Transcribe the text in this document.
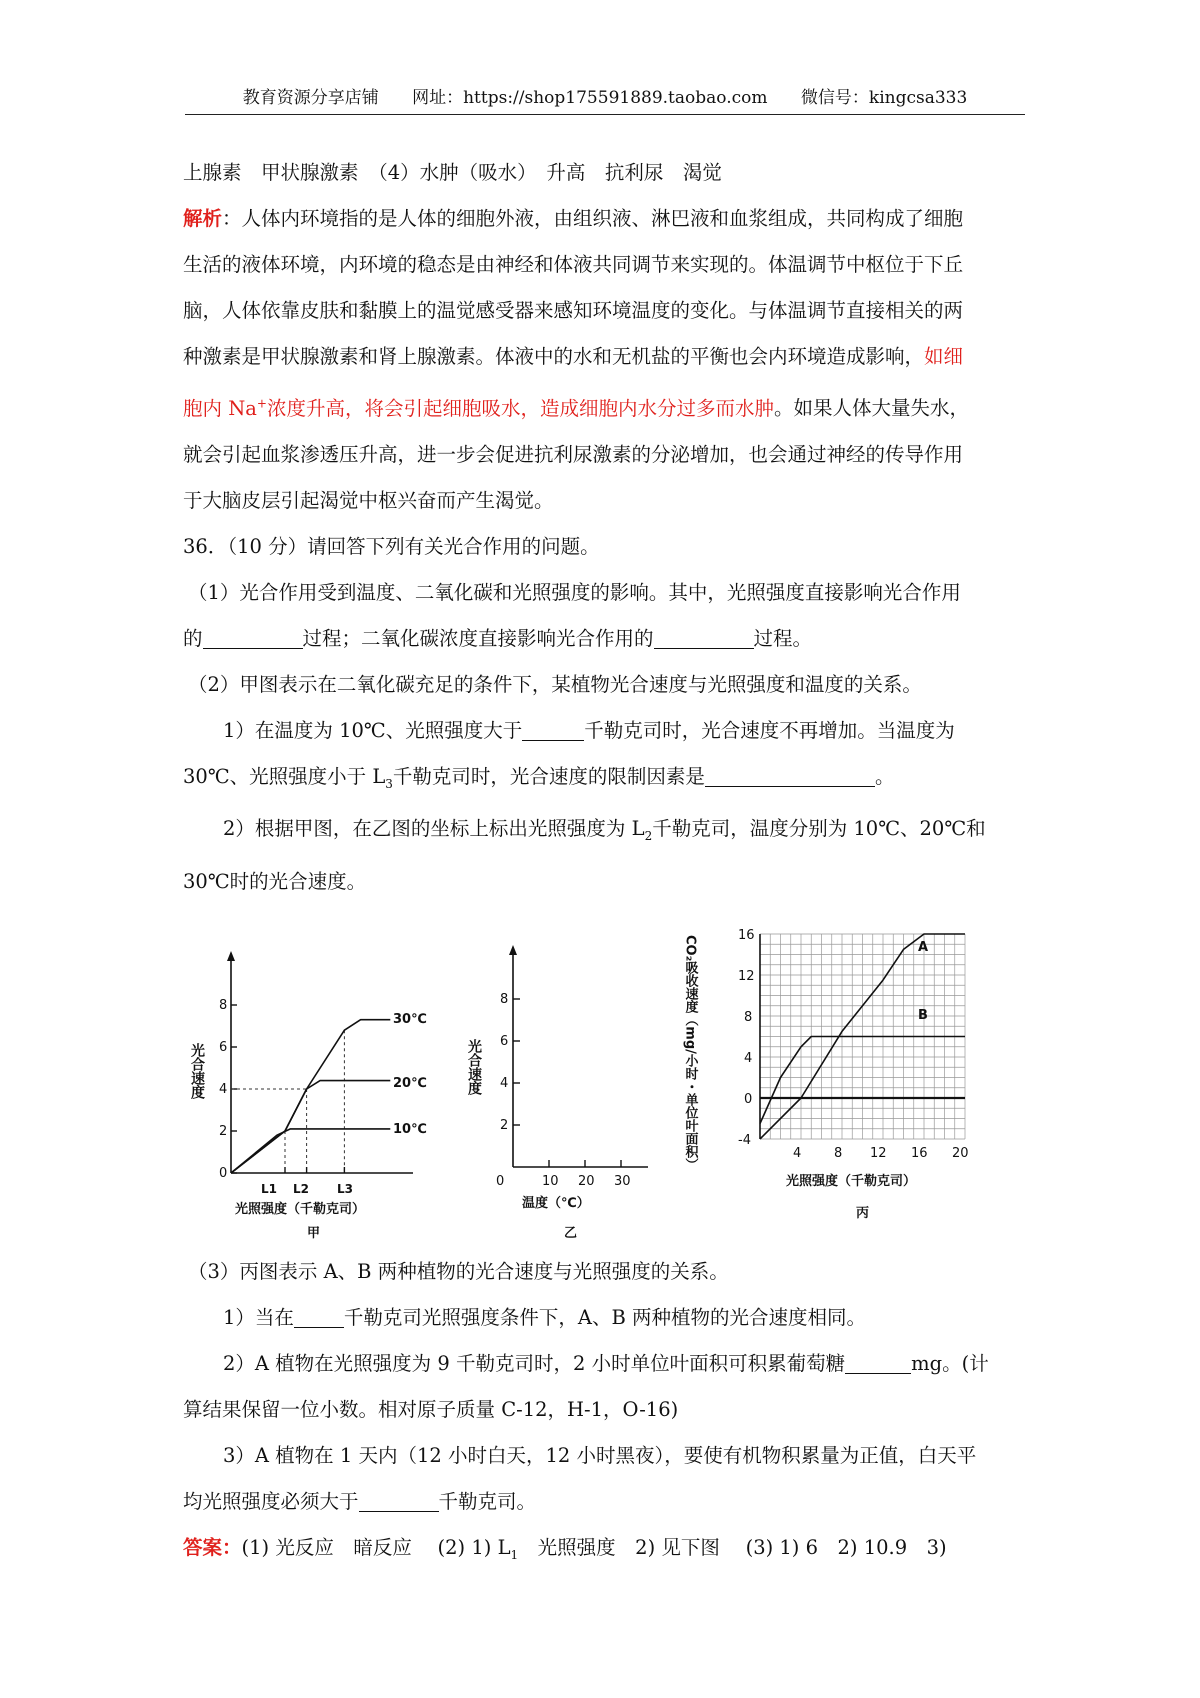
教育资源分享店铺 网址：https://shop175591889.taobao.com 微信号：kingcsa333

上腺素　甲状腺激素　（4）水肿（吸水）　升高　抗利尿　渴觉

解析：人体内环境指的是人体的细胞外液，由组织液、淋巴液和血浆组成，共同构成了细胞

生活的液体环境，内环境的稳态是由神经和体液共同调节来实现的。体温调节中枢位于下丘

脑，人体依靠皮肤和黏膜上的温觉感受器来感知环境温度的变化。与体温调节直接相关的两

种激素是甲状腺激素和肾上腺激素。体液中的水和无机盐的平衡也会内环境造成影响，如细

胞内 Na+浓度升高，将会引起细胞吸水，造成细胞内水分过多而水肿。如果人体大量失水，

就会引起血浆渗透压升高，进一步会促进抗利尿激素的分泌增加，也会通过神经的传导作用

于大脑皮层引起渴觉中枢兴奋而产生渴觉。

36．（10 分）请回答下列有关光合作用的问题。

（1）光合作用受到温度、二氧化碳和光照强度的影响。其中，光照强度直接影响光合作用

的	过程；二氧化碳浓度直接影响光合作用的	过程。

（2）甲图表示在二氧化碳充足的条件下，某植物光合速度与光照强度和温度的关系。

1）在温度为 10℃、光照强度大于	千勒克司时，光合速度不再增加。当温度为

30℃、光照强度小于 $L_3$千勒克司时，光合速度的限制因素是	。

2）根据甲图，在乙图的坐标上标出光照强度为 $L_2$千勒克司，温度分别为 10℃、20℃和

30℃时的光合速度。

光合速度
0
2
4
6
8
L1 L2 L3
光照强度（千勒克司）
甲
30℃
20℃
10℃
光合速度
2
4
6
8
0	10 20 30
温度（℃）
乙
CO₂吸收速度（mg/小时・单位叶面积）	16
12
8
4
0
-4
4	8 12 16 20
光照强度（千勒克司）
丙
A
B

（3）丙图表示 A、B 两种植物的光合速度与光照强度的关系。

1）当在	千勒克司光照强度条件下，A、B 两种植物的光合速度相同。

2）A 植物在光照强度为 9 千勒克司时，2 小时单位叶面积可积累葡萄糖	mg。(计

算结果保留一位小数。相对原子质量 C-12，H-1，O-16)

3）A 植物在 1 天内（12 小时白天，12 小时黑夜），要使有机物积累量为正值，白天平

均光照强度必须大于	千勒克司。

答案：(1) 光反应　暗反应　 (2) 1) $L_1$　光照强度　2) 见下图　 (3) 1) 6　2) 10.9　3)
